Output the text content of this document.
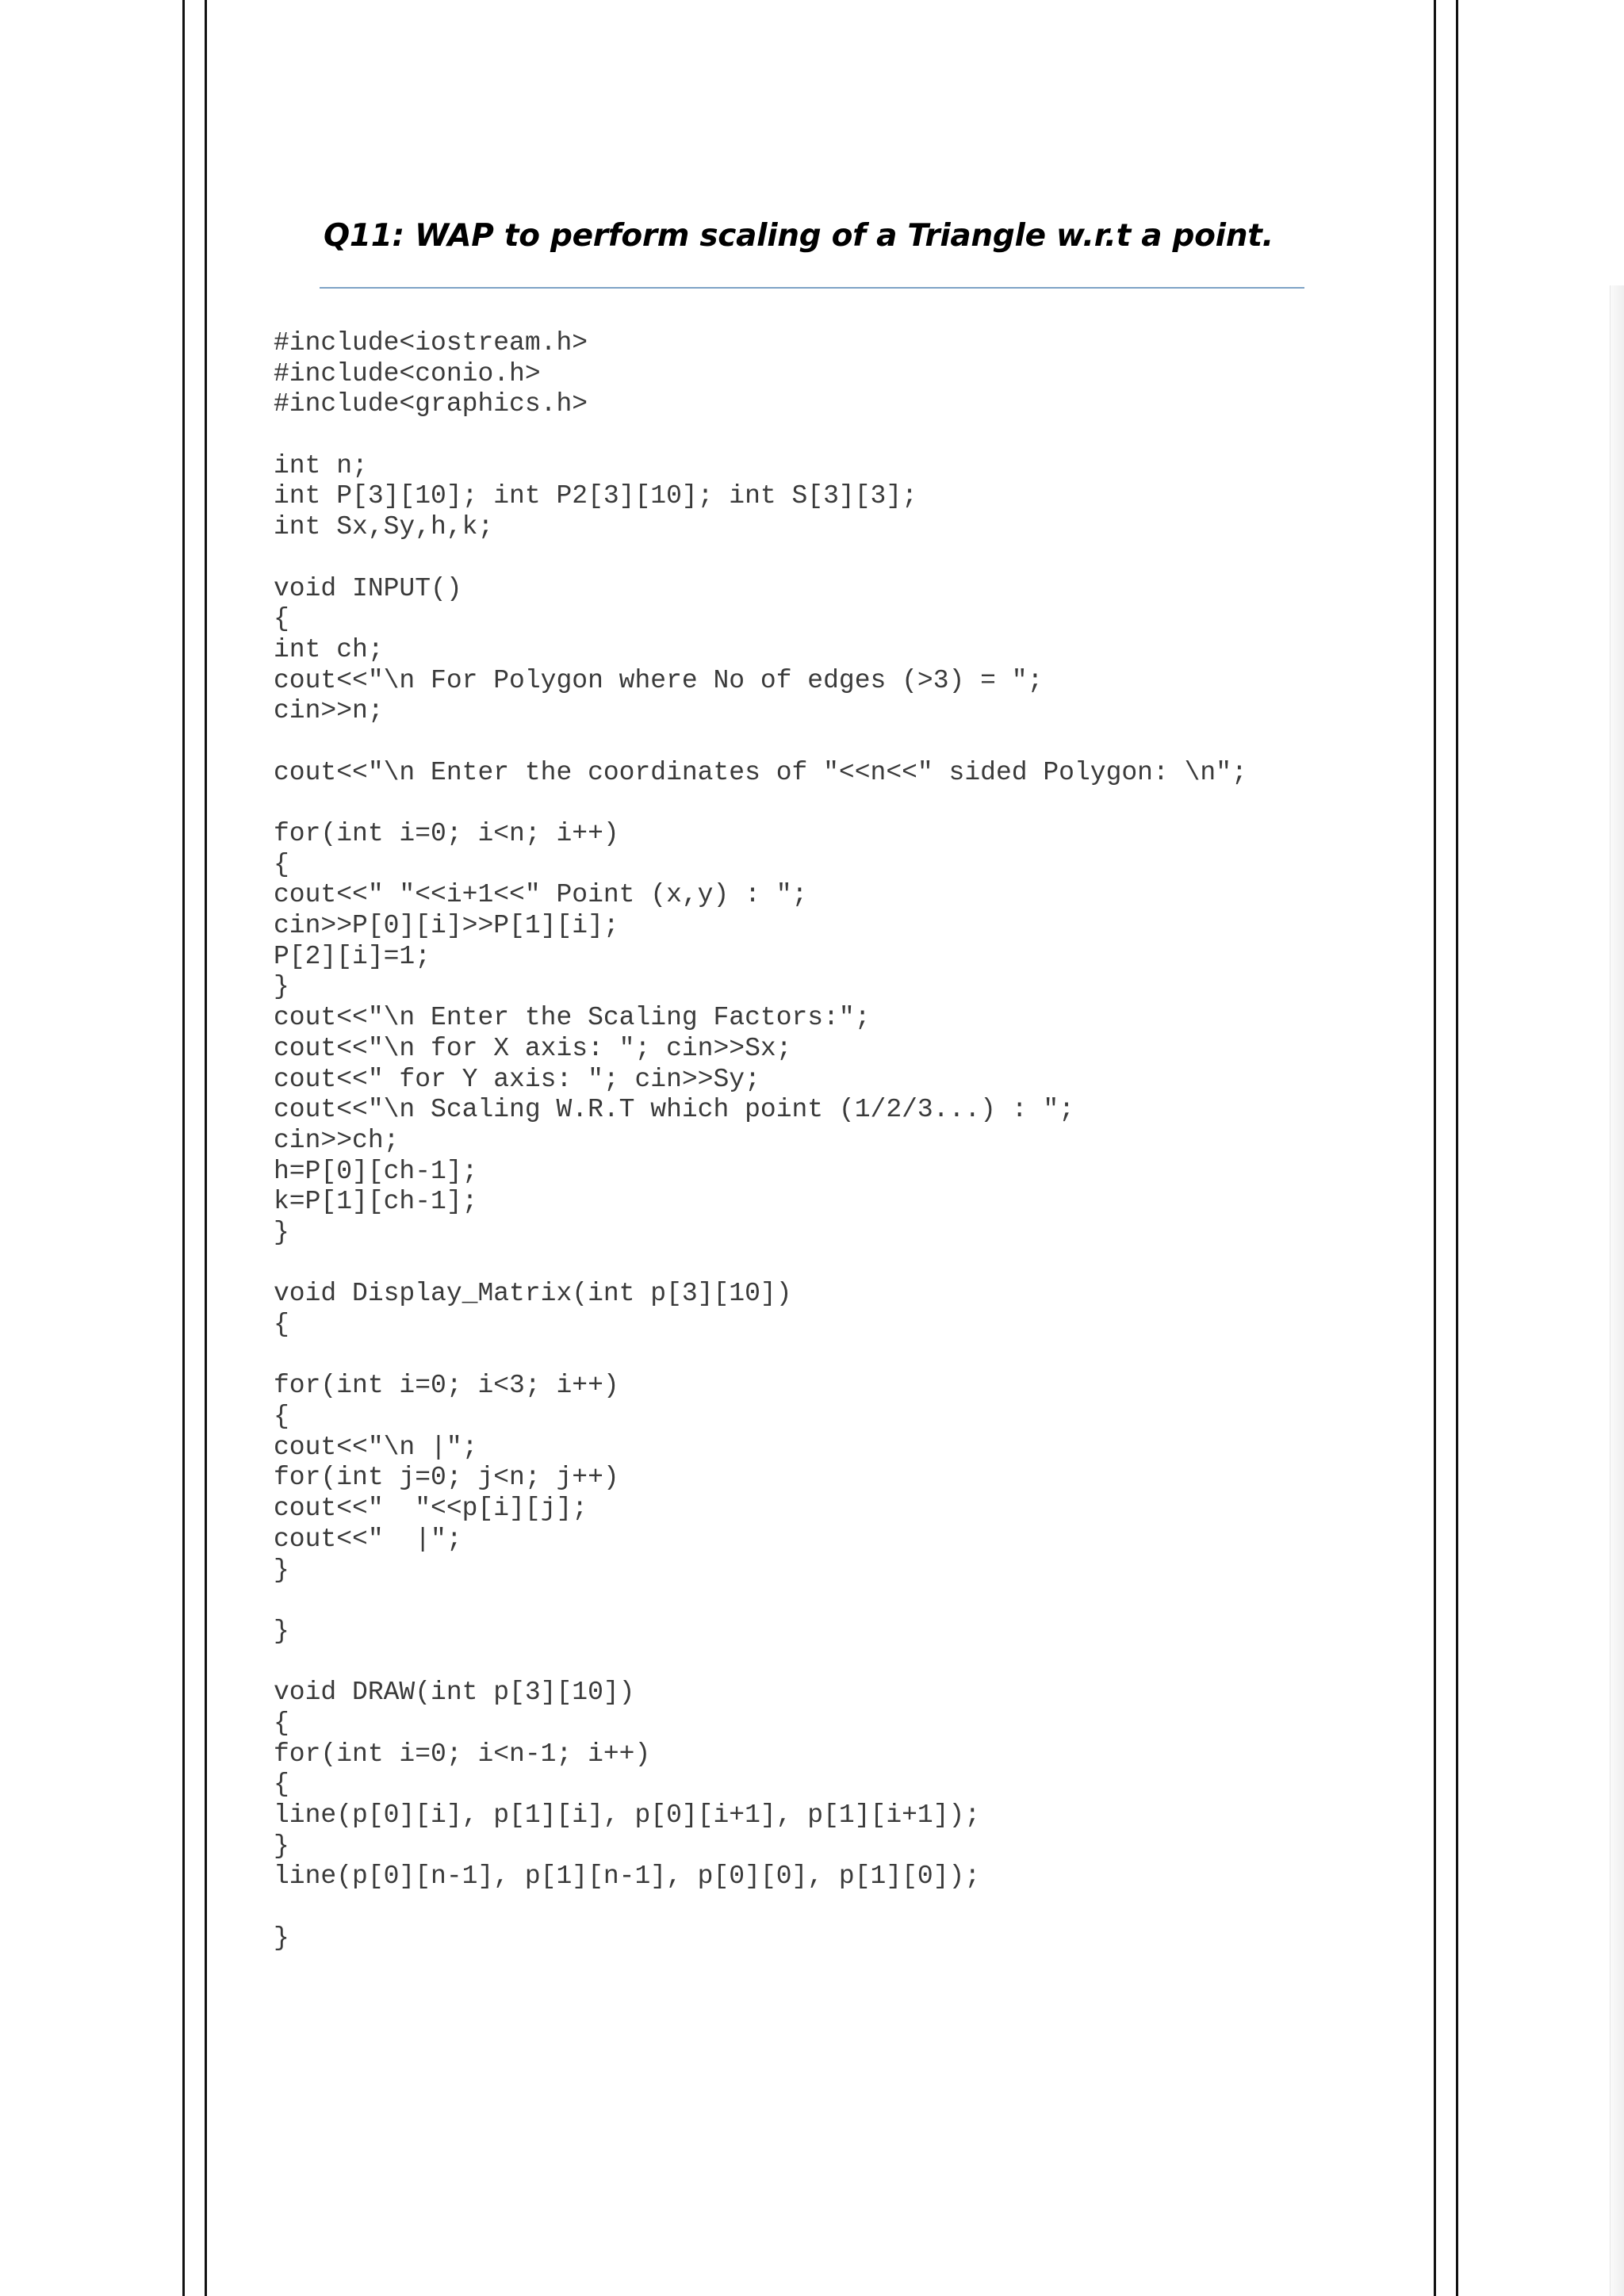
Q11: WAP to perform scaling of a Triangle w.r.t a point.
#include<iostream.h>
#include<conio.h>
#include<graphics.h>
int n;
int P[3][10]; int P2[3][10]; int S[3][3];
int Sx,Sy,h,k;
void INPUT()
{
int ch;
cout<<"\n For Polygon where No of edges (>3) = ";
cin>>n;
cout<<"\n Enter the coordinates of "<<n<<" sided Polygon: \n";
for(int i=0; i<n; i++)
{
cout<<" "<<i+1<<" Point (x,y) : ";
cin>>P[0][i]>>P[1][i];
P[2][i]=1;
}
cout<<"\n Enter the Scaling Factors:";
cout<<"\n for X axis: "; cin>>Sx;
cout<<" for Y axis: "; cin>>Sy;
cout<<"\n Scaling W.R.T which point (1/2/3...) : ";
cin>>ch;
h=P[0][ch-1];
k=P[1][ch-1];
}
void Display_Matrix(int p[3][10])
{
for(int i=0; i<3; i++)
{
cout<<"\n |";
for(int j=0; j<n; j++)
cout<<"  "<<p[i][j];
cout<<"  |";
}
}
void DRAW(int p[3][10])
{
for(int i=0; i<n-1; i++)
{
line(p[0][i], p[1][i], p[0][i+1], p[1][i+1]);
}
line(p[0][n-1], p[1][n-1], p[0][0], p[1][0]);
}
